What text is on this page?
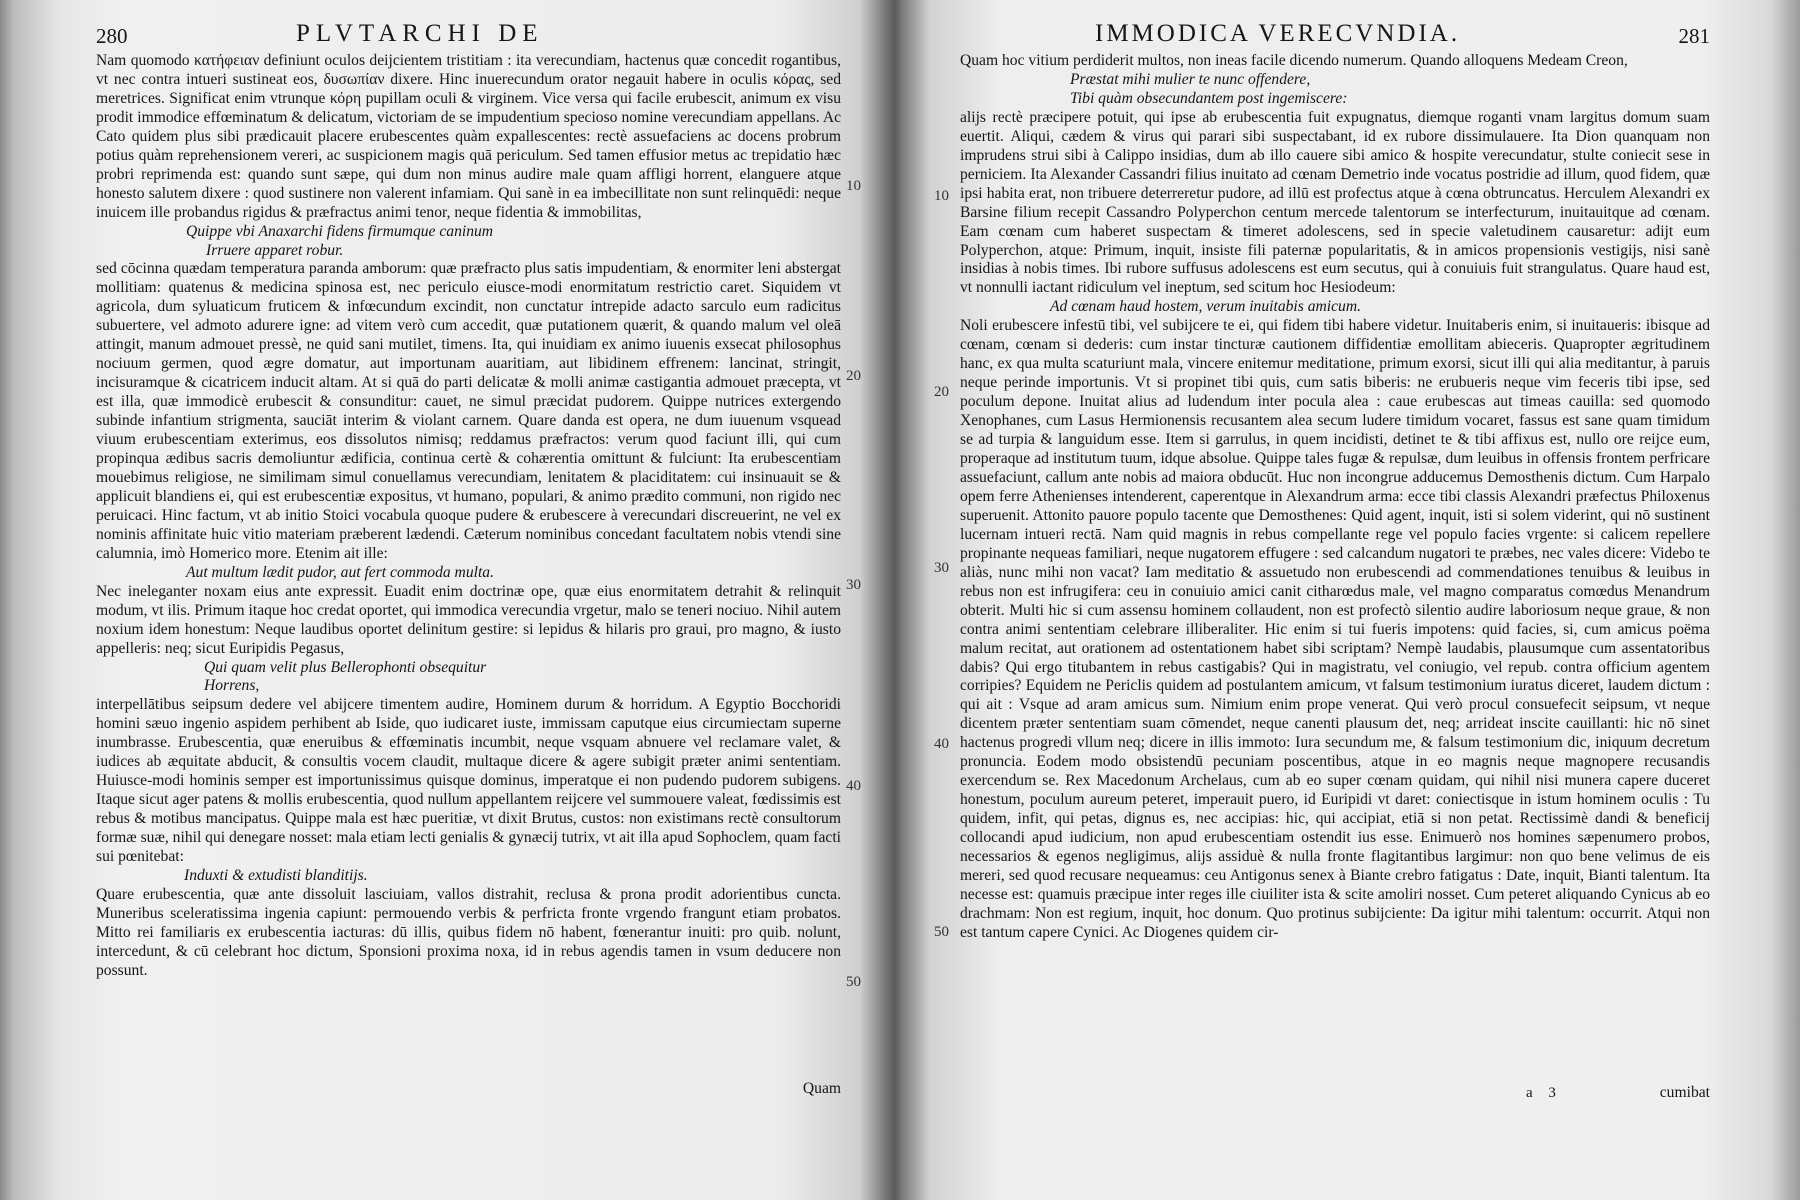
280	PLVTARCHI DE

Nam quomodo κατήφειαν definiunt oculos deijcientem tristitiam : ita verecundiam, hactenus quæ concedit rogantibus, vt nec contra intueri sustineat eos, δυσωπίαν dixere. Hinc inuerecundum orator negauit habere in oculis κόρας, sed meretrices. Significat enim vtrunque κόρη pupillam oculi & virginem. Vice versa qui facile erubescit, animum ex visu prodit immodice effœminatum & delicatum, victoriam de se impudentium specioso nomine verecundiam appellans. Ac Cato quidem plus sibi prædicauit placere erubescentes quàm expallescentes: rectè assuefaciens ac docens probrum potius quàm reprehensionem vereri, ac suspicionem magis quā periculum. Sed tamen effusior metus ac trepidatio hæc probri reprimenda est: quando sunt sæpe, qui dum non minus audire male quam affligi horrent, elanguere atque honesto salutem dixere : quod sustinere non valerent infamiam. Qui sanè in ea imbecillitate non sunt relinquēdi: neque inuicem ille probandus rigidus & præfractus animi tenor, neque fidentia & immobilitas,

Quippe vbi Anaxarchi fidens firmumque caninum

Irruere apparet robur.

sed cōcinna quædam temperatura paranda amborum: quæ præfracto plus satis impudentiam, & enormiter leni abstergat mollitiam: quatenus & medicina spinosa est, nec periculo eiusce-modi enormitatum restrictio caret. Siquidem vt agricola, dum syluaticum fruticem & infœcundum excindit, non cunctatur intrepide adacto sarculo eum radicitus subuertere, vel admoto adurere igne: ad vitem verò cum accedit, quæ putationem quærit, & quando malum vel oleā attingit, manum admouet pressè, ne quid sani mutilet, timens. Ita, qui inuidiam ex animo iuuenis exsecat philosophus nociuum germen, quod ægre domatur, aut importunam auaritiam, aut libidinem effrenem: lancinat, stringit, incisuramque & cicatricem inducit altam. At si quā do parti delicatæ & molli animæ castigantia admouet præcepta, vt est illa, quæ immodicè erubescit & consunditur: cauet, ne simul præcidat pudorem. Quippe nutrices extergendo subinde infantium strigmenta, sauciāt interim & violant carnem. Quare danda est opera, ne dum iuuenum vsquead viuum erubescentiam exterimus, eos dissolutos nimisq; reddamus præfractos: verum quod faciunt illi, qui cum propinqua ædibus sacris demoliuntur ædificia, continua certè & cohærentia omittunt & fulciunt: Ita erubescentiam mouebimus religiose, ne similimam simul conuellamus verecundiam, lenitatem & placiditatem: cui insinuauit se & applicuit blandiens ei, qui est erubescentiæ expositus, vt humano, populari, & animo prædito communi, non rigido nec peruicaci. Hinc factum, vt ab initio Stoici vocabula quoque pudere & erubescere à verecundari discreuerint, ne vel ex nominis affinitate huic vitio materiam præberent lædendi. Cæterum nominibus concedant facultatem nobis vtendi sine calumnia, imò Homerico more. Etenim ait ille:

Aut multum lædit pudor, aut fert commoda multa.

Nec ineleganter noxam eius ante expressit. Euadit enim doctrinæ ope, quæ eius enormitatem detrahit & relinquit modum, vt ilis. Primum itaque hoc credat oportet, qui immodica verecundia vrgetur, malo se teneri nociuo. Nihil autem noxium idem honestum: Neque laudibus oportet delinitum gestire: si lepidus & hilaris pro graui, pro magno, & iusto appelleris: neq; sicut Euripidis Pegasus,

Qui quam velit plus Bellerophonti obsequitur

Horrens,

interpellātibus seipsum dedere vel abijcere timentem audire, Hominem durum & horridum. A Egyptio Bocchoridi homini sæuo ingenio aspidem perhibent ab Iside, quo iudicaret iuste, immissam caputque eius circumiectam superne inumbrasse. Erubescentia, quæ eneruibus & effœminatis incumbit, neque vsquam abnuere vel reclamare valet, & iudices ab æquitate abducit, & consultis vocem claudit, multaque dicere & agere subigit præter animi sententiam. Huiusce-modi hominis semper est importunissimus quisque dominus, imperatque ei non pudendo pudorem subigens. Itaque sicut ager patens & mollis erubescentia, quod nullum appellantem reijcere vel summouere valeat, fœdissimis est rebus & motibus mancipatus. Quippe mala est hæc pueritiæ, vt dixit Brutus, custos: non existimans rectè consultorum formæ suæ, nihil qui denegare nosset: mala etiam lecti genialis & gynæcij tutrix, vt ait illa apud Sophoclem, quam facti sui pœnitebat:

Induxti & extudisti blanditijs.

Quare erubescentia, quæ ante dissoluit lasciuiam, vallos distrahit, reclusa & prona prodit adorientibus cuncta. Muneribus sceleratissima ingenia capiunt: permouendo verbis & perfricta fronte vrgendo frangunt etiam probatos. Mitto rei familiaris ex erubescentia iacturas: dū illis, quibus fidem nō habent, fœnerantur inuiti: pro quib. nolunt, intercedunt, & cū celebrant hoc dictum, Sponsioni proxima noxa, id in rebus agendis tamen in vsum deducere non possunt.

10
20
30
40
50
Quam
IMMODICA VERECVNDIA.	281

Quam hoc vitium perdiderit multos, non ineas facile dicendo numerum. Quando alloquens Medeam Creon,

Præstat mihi mulier te nunc offendere,

Tibi quàm obsecundantem post ingemiscere:

alijs rectè præcipere potuit, qui ipse ab erubescentia fuit expugnatus, diemque roganti vnam largitus domum suam euertit. Aliqui, cædem & virus qui parari sibi suspectabant, id ex rubore dissimulauere. Ita Dion quanquam non imprudens strui sibi à Calippo insidias, dum ab illo cauere sibi amico & hospite verecundatur, stulte coniecit sese in perniciem. Ita Alexander Cassandri filius inuitato ad cœnam Demetrio inde vocatus postridie ad illum, quod fidem, quæ ipsi habita erat, non tribuere deterreretur pudore, ad illū est profectus atque à cœna obtruncatus. Herculem Alexandri ex Barsine filium recepit Cassandro Polyperchon centum mercede talentorum se interfecturum, inuitauitque ad cœnam. Eam cœnam cum haberet suspectam & timeret adolescens, sed in specie valetudinem causaretur: adijt eum Polyperchon, atque: Primum, inquit, insiste fili paternæ popularitatis, & in amicos propensionis vestigijs, nisi sanè insidias à nobis times. Ibi rubore suffusus adolescens est eum secutus, qui à conuiuis fuit strangulatus. Quare haud est, vt nonnulli iactant ridiculum vel ineptum, sed scitum hoc Hesiodeum:

Ad cœnam haud hostem, verum inuitabis amicum.

Noli erubescere infestū tibi, vel subijcere te ei, qui fidem tibi habere videtur. Inuitaberis enim, si inuitaueris: ibisque ad cœnam, cœnam si dederis: cum instar tincturæ cautionem diffidentiæ emollitam abieceris. Quapropter ægritudinem hanc, ex qua multa scaturiunt mala, vincere enitemur meditatione, primum exorsi, sicut illi qui alia meditantur, à paruis neque perinde importunis. Vt si propinet tibi quis, cum satis biberis: ne erubueris neque vim feceris tibi ipse, sed poculum depone. Inuitat alius ad ludendum inter pocula alea : caue erubescas aut timeas cauilla: sed quomodo Xenophanes, cum Lasus Hermionensis recusantem alea secum ludere timidum vocaret, fassus est sane quam timidum se ad turpia & languidum esse. Item si garrulus, in quem incidisti, detinet te & tibi affixus est, nullo ore reijce eum, properaque ad institutum tuum, idque absolue. Quippe tales fugæ & repulsæ, dum leuibus in offensis frontem perfricare assuefaciunt, callum ante nobis ad maiora obducūt. Huc non incongrue adducemus Demosthenis dictum. Cum Harpalo opem ferre Athenienses intenderent, caperentque in Alexandrum arma: ecce tibi classis Alexandri præfectus Philoxenus superuenit. Attonito pauore populo tacente que Demosthenes: Quid agent, inquit, isti si solem viderint, qui nō sustinent lucernam intueri rectā. Nam quid magnis in rebus compellante rege vel populo facies vrgente: si calicem repellere propinante nequeas familiari, neque nugatorem effugere : sed calcandum nugatori te præbes, nec vales dicere: Videbo te aliàs, nunc mihi non vacat? Iam meditatio & assuetudo non erubescendi ad commendationes tenuibus & leuibus in rebus non est infrugifera: ceu in conuiuio amici canit citharœdus male, vel magno comparatus comœdus Menandrum obterit. Multi hic si cum assensu hominem collaudent, non est profectò silentio audire laboriosum neque graue, & non contra animi sententiam celebrare illiberaliter. Hic enim si tui fueris impotens: quid facies, si, cum amicus poëma malum recitat, aut orationem ad ostentationem habet sibi scriptam? Nempè laudabis, plausumque cum assentatoribus dabis? Qui ergo titubantem in rebus castigabis? Qui in magistratu, vel coniugio, vel repub. contra officium agentem corripies? Equidem ne Periclis quidem ad postulantem amicum, vt falsum testimonium iuratus diceret, laudem dictum : qui ait : Vsque ad aram amicus sum. Nimium enim prope venerat. Qui verò procul consuefecit seipsum, vt neque dicentem præter sententiam suam cōmendet, neque canenti plausum det, neq; arrideat inscite cauillanti: hic nō sinet hactenus progredi vllum neq; dicere in illis immoto: Iura secundum me, & falsum testimonium dic, iniquum decretum pronuncia. Eodem modo obsistendū pecuniam poscentibus, atque in eo magnis neque magnopere recusandis exercendum se. Rex Macedonum Archelaus, cum ab eo super cœnam quidam, qui nihil nisi munera capere duceret honestum, poculum aureum peteret, imperauit puero, id Euripidi vt daret: coniectisque in istum hominem oculis : Tu quidem, infit, qui petas, dignus es, nec accipias: hic, qui accipiat, etiā si non petat. Rectissimè dandi & beneficij collocandi apud iudicium, non apud erubescentiam ostendit ius esse. Enimuerò nos homines sæpenumero probos, necessarios & egenos negligimus, alijs assiduè & nulla fronte flagitantibus largimur: non quo bene velimus de eis mereri, sed quod recusare nequeamus: ceu Antigonus senex à Biante crebro fatigatus : Date, inquit, Bianti talentum. Ita necesse est: quamuis præcipue inter reges ille ciuiliter ista & scite amoliri nosset. Cum peteret aliquando Cynicus ab eo drachmam: Non est regium, inquit, hoc donum. Quo protinus subijciente: Da igitur mihi talentum: occurrit. Atqui non est tantum capere Cynici. Ac Diogenes quidem cir-

10
20
30
40
50
a 3	cumibat
